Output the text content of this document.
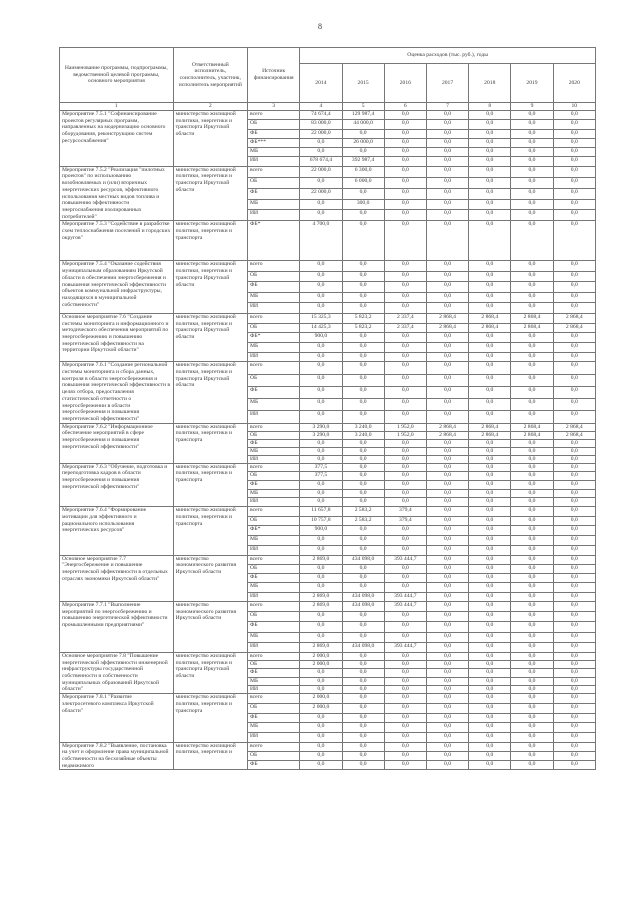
8
Наименование программы, подпрограммы, ведомственной целевой программы, основного мероприятия	Ответственный исполнитель, соисполнитель, участник, исполнитель мероприятий	Источник финансирования	Оценка расходов (тыс. руб.), годы						
			2014	2015	2016	2017	2018	2019	2020
1	2	3	4	5	6	7	8	9	10
Мероприятие 7.5.1 "Софинансирование проектов регулярных программ, направленных на модернизацию основного оборудования, реконструкцию систем ресурсоснабжения"	министерство жилищной политики, энергетики и транспорта Иркутской области	всего	74 674,4	129 987,4	0,0	0,0	0,0	0,0	0,0
		ОБ	83 000,0	44 000,0	0,0	0,0	0,0	0,0	0,0
		ФБ	22 000,0	0,0	0,0	0,0	0,0	0,0	0,0
		ФБ***	0,0	26 000,0	0,0	0,0	0,0	0,0	0,0
		МБ	0,0	0,0	0,0	0,0	0,0	0,0	0,0
		ИИ	678 674,4	392 987,4	0,0	0,0	0,0	0,0	0,0
Мероприятие 7.5.2 "Реализация "пилотных проектов" по использованию возобновляемых и (или) вторичных энергетических ресурсов, эффективного использования местных видов топлива и повышению эффективности энергоснабжения изолированных потребителей"	министерство жилищной политики, энергетики и транспорта Иркутской области	всего	22 000,0	6 300,0	0,0	0,0	0,0	0,0	0,0
		ОБ	0,0	6 000,0	0,0	0,0	0,0	0,0	0,0
		ФБ	22 000,0	0,0	0,0	0,0	0,0	0,0	0,0
		МБ	0,0	300,0	0,0	0,0	0,0	0,0	0,0
		ИИ	0,0	0,0	0,0	0,0	0,0	0,0	0,0
Мероприятие 7.5.3 "Содействие в разработке схем теплоснабжения поселений и городских округов"	министерство жилищной политики, энергетики и транспорта	ФБ*	4 700,0	0,0	0,0	0,0	0,0	0,0	0,0
Мероприятие 7.5.4 "Оказание содействия муниципальным образованиям Иркутской области в обеспечении энергосбережения и повышения энергетической эффективности объектов коммунальной инфраструктуры, находящихся в муниципальной собственности"	министерство жилищной политики, энергетики и транспорта Иркутской области	всего	0,0	0,0	0,0	0,0	0,0	0,0	0,0
		ОБ	0,0	0,0	0,0	0,0	0,0	0,0	0,0
		ФБ	0,0	0,0	0,0	0,0	0,0	0,0	0,0
		МБ	0,0	0,0	0,0	0,0	0,0	0,0	0,0
		ИИ	0,0	0,0	0,0	0,0	0,0	0,0	0,0
Основное мероприятие 7.6 "Создание системы мониторинга и информационного и методического обеспечения мероприятий по энергосбережению и повышению энергетической эффективности на территории Иркутской области"	министерство жилищной политики, энергетики и транспорта Иркутской области	всего	15 325,3	5 823,2	2 337,4	2 868,4	2 868,4	2 868,4	2 868,4
		ОБ	14 425,3	5 823,2	2 337,4	2 868,4	2 868,4	2 868,4	2 868,4
		ФБ*	900,0	0,0	0,0	0,0	0,0	0,0	0,0
		МБ	0,0	0,0	0,0	0,0	0,0	0,0	0,0
		ИИ	0,0	0,0	0,0	0,0	0,0	0,0	0,0
Мероприятие 7.6.1 "Создание региональной системы мониторинга и сбора данных, контроля в области энергосбережения и повышения энергетической эффективности в целях отбора, предоставления статистической отчетности о энергосбережении в области энергосбережения и повышения энергетической эффективности"	министерство жилищной политики, энергетики и транспорта Иркутской области	всего	0,0	0,0	0,0	0,0	0,0	0,0	0,0
		ОБ	0,0	0,0	0,0	0,0	0,0	0,0	0,0
		ФБ	0,0	0,0	0,0	0,0	0,0	0,0	0,0
		МБ	0,0	0,0	0,0	0,0	0,0	0,0	0,0
		ИИ	0,0	0,0	0,0	0,0	0,0	0,0	0,0
Мероприятие 7.6.2 "Информационное обеспечение мероприятий в сфере энергосбережения и повышения энергетической эффективности"	министерство жилищной политики, энергетики и транспорта	всего	3 290,0	3 240,0	1 952,0	2 868,4	2 868,4	2 868,4	2 868,4
		ОБ	3 290,0	3 240,0	1 952,0	2 868,4	2 868,4	2 868,4	2 868,4
		ФБ	0,0	0,0	0,0	0,0	0,0	0,0	0,0
		МБ	0,0	0,0	0,0	0,0	0,0	0,0	0,0
		ИИ	0,0	0,0	0,0	0,0	0,0	0,0	0,0
Мероприятие 7.6.3 "Обучение, подготовка и переподготовка кадров в области энергосбережения и повышения энергетической эффективности"	министерство жилищной политики, энергетики и транспорта	всего	377,5	0,0	0,0	0,0	0,0	0,0	0,0
		ОБ	377,5	0,0	0,0	0,0	0,0	0,0	0,0
		ФБ	0,0	0,0	0,0	0,0	0,0	0,0	0,0
		МБ	0,0	0,0	0,0	0,0	0,0	0,0	0,0
		ИИ	0,0	0,0	0,0	0,0	0,0	0,0	0,0
Мероприятие 7.6.4 "Формирование мотивации для эффективного и рационального использования энергетических ресурсов"	министерство жилищной политики, энергетики и транспорта	всего	11 657,8	2 583,2	379,4	0,0	0,0	0,0	0,0
		ОБ	10 757,8	2 583,2	379,4	0,0	0,0	0,0	0,0
		ФБ*	900,0	0,0	0,0	0,0	0,0	0,0	0,0
		МБ	0,0	0,0	0,0	0,0	0,0	0,0	0,0
		ИИ	0,0	0,0	0,0	0,0	0,0	0,0	0,0
Основное мероприятие 7.7 "Энергосбережение и повышение энергетической эффективности в отдельных отраслях экономики Иркутской области"	министерство экономического развития Иркутской области	всего	2 869,0	434 098,0	393 444,7	0,0	0,0	0,0	0,0
		ОБ	0,0	0,0	0,0	0,0	0,0	0,0	0,0
		ФБ	0,0	0,0	0,0	0,0	0,0	0,0	0,0
		МБ	0,0	0,0	0,0	0,0	0,0	0,0	0,0
		ИИ	2 869,0	434 098,0	393 444,7	0,0	0,0	0,0	0,0
Мероприятие 7.7.1 "Выполнение мероприятий по энергосбережению и повышению энергетической эффективности промышленными предприятиями"	министерство экономического развития Иркутской области	всего	2 869,0	434 098,0	393 444,7	0,0	0,0	0,0	0,0
		ОБ	0,0	0,0	0,0	0,0	0,0	0,0	0,0
		ФБ	0,0	0,0	0,0	0,0	0,0	0,0	0,0
		МБ	0,0	0,0	0,0	0,0	0,0	0,0	0,0
		ИИ	2 869,0	434 098,0	393 444,7	0,0	0,0	0,0	0,0
Основное мероприятие 7.8 "Повышение энергетической эффективности инженерной инфраструктуры государственной собственности и собственности муниципальных образований Иркутской области"	министерство жилищной политики, энергетики и транспорта Иркутской области	всего	2 000,0	0,0	0,0	0,0	0,0	0,0	0,0
		ОБ	2 000,0	0,0	0,0	0,0	0,0	0,0	0,0
		ФБ	0,0	0,0	0,0	0,0	0,0	0,0	0,0
		МБ	0,0	0,0	0,0	0,0	0,0	0,0	0,0
		ИИ	0,0	0,0	0,0	0,0	0,0	0,0	0,0
Мероприятие 7.8.1 "Развитие электросетевого комплекса Иркутской области"	министерство жилищной политики, энергетики и транспорта	всего	2 000,0	0,0	0,0	0,0	0,0	0,0	0,0
		ОБ	2 000,0	0,0	0,0	0,0	0,0	0,0	0,0
		ФБ	0,0	0,0	0,0	0,0	0,0	0,0	0,0
		МБ	0,0	0,0	0,0	0,0	0,0	0,0	0,0
		ИИ	0,0	0,0	0,0	0,0	0,0	0,0	0,0
Мероприятие 7.8.2 "Выявление, постановка на учет и оформление права муниципальной собственности на бесхозяйные объекты недвижимого	министерство жилищной политики, энергетики и	всего	0,0	0,0	0,0	0,0	0,0	0,0	0,0
		ОБ	0,0	0,0	0,0	0,0	0,0	0,0	0,0
		ФБ	0,0	0,0	0,0	0,0	0,0	0,0	0,0
